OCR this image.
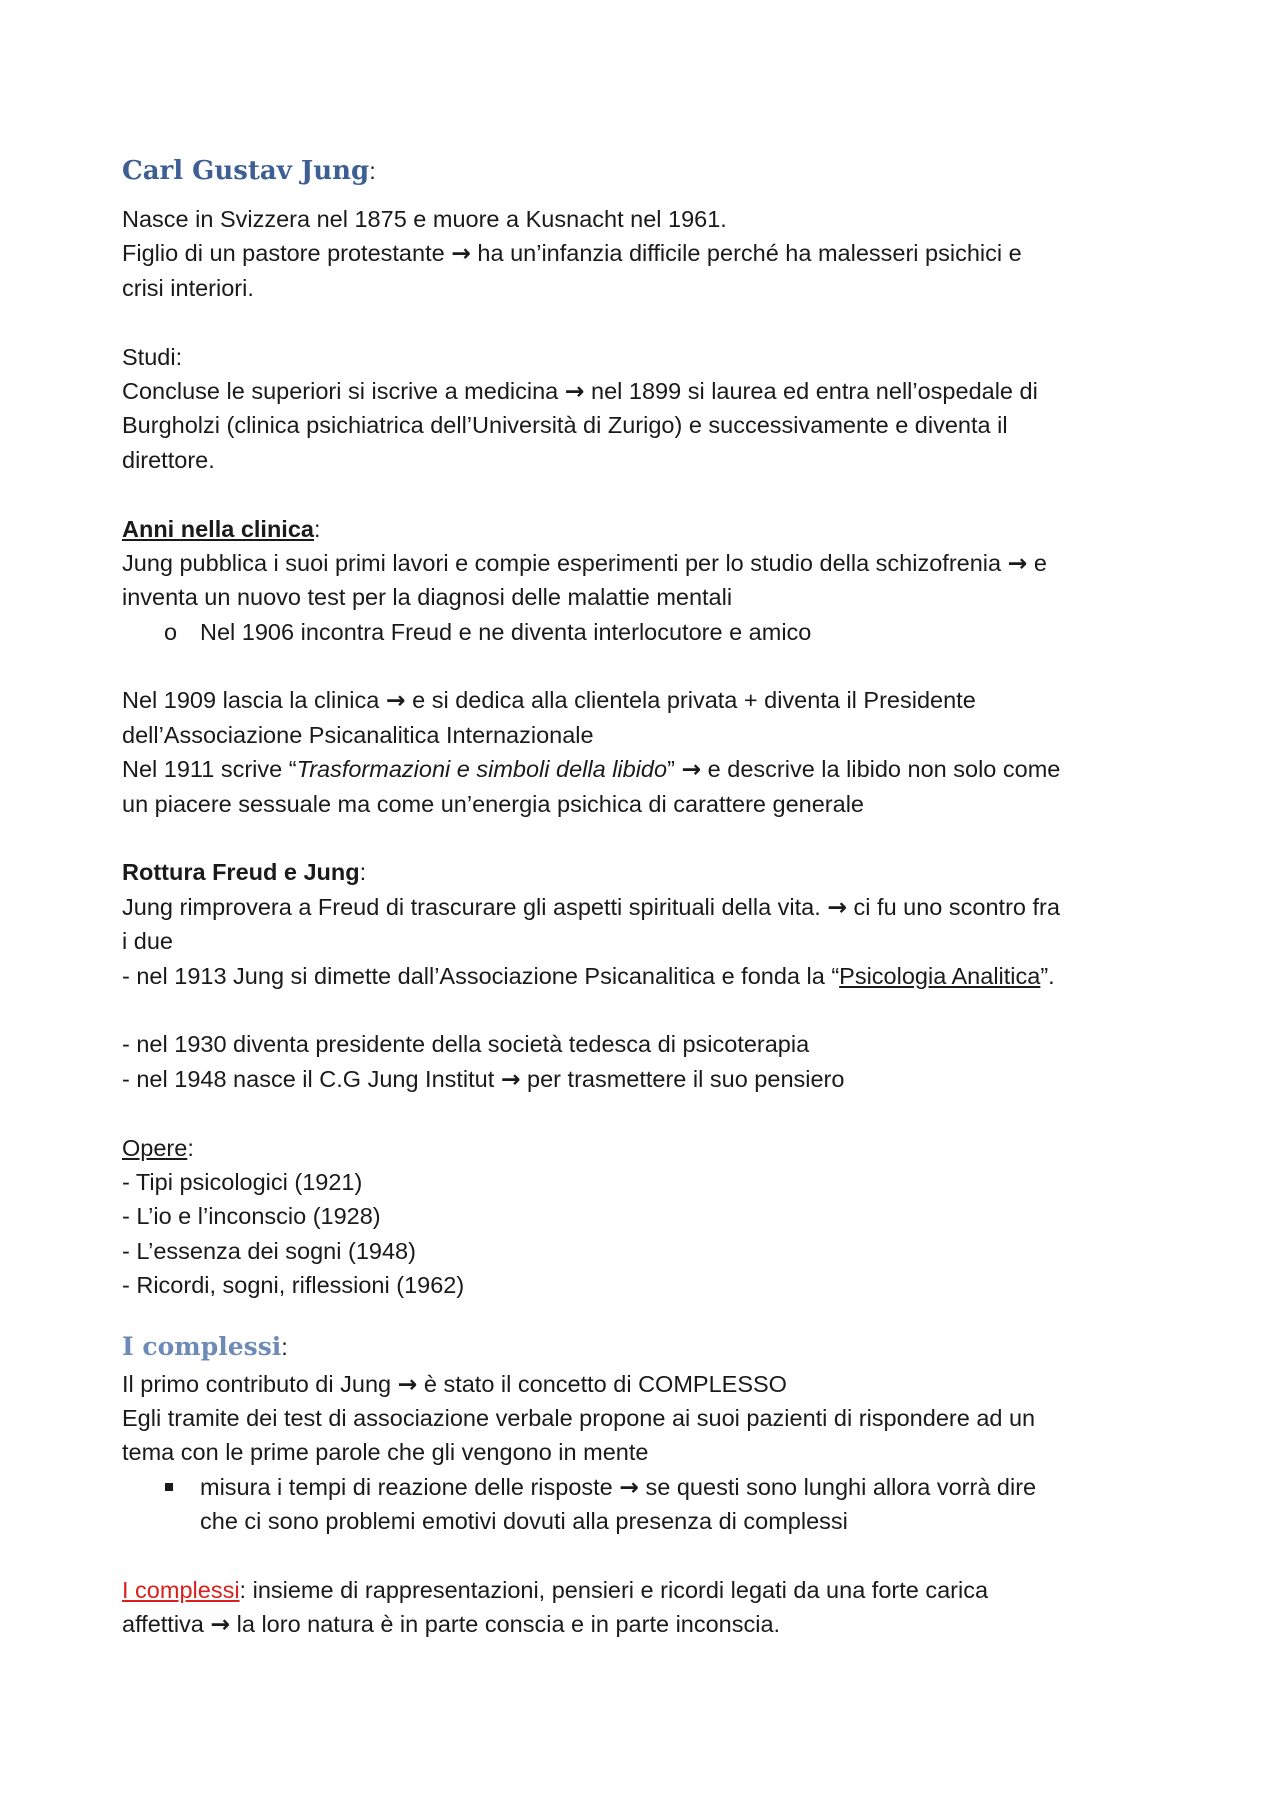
Carl Gustav Jung:
Nasce in Svizzera nel 1875 e muore a Kusnacht nel 1961.
Figlio di un pastore protestante → ha un’infanzia difficile perché ha malesseri psichici e
crisi interiori.
Studi:
Concluse le superiori si iscrive a medicina → nel 1899 si laurea ed entra nell’ospedale di
Burgholzi (clinica psichiatrica dell’Università di Zurigo) e successivamente e diventa il
direttore.
Anni nella clinica:
Jung pubblica i suoi primi lavori e compie esperimenti per lo studio della schizofrenia → e
inventa un nuovo test per la diagnosi delle malattie mentali
o Nel 1906 incontra Freud e ne diventa interlocutore e amico
Nel 1909 lascia la clinica → e si dedica alla clientela privata + diventa il Presidente
dell’Associazione Psicanalitica Internazionale
Nel 1911 scrive “Trasformazioni e simboli della libido” → e descrive la libido non solo come
un piacere sessuale ma come un’energia psichica di carattere generale
Rottura Freud e Jung:
Jung rimprovera a Freud di trascurare gli aspetti spirituali della vita. → ci fu uno scontro fra
i due
- nel 1913 Jung si dimette dall’Associazione Psicanalitica e fonda la “Psicologia Analitica”.
- nel 1930 diventa presidente della società tedesca di psicoterapia
- nel 1948 nasce il C.G Jung Institut → per trasmettere il suo pensiero
Opere:
- Tipi psicologici (1921)
- L’io e l’inconscio (1928)
- L’essenza dei sogni (1948)
- Ricordi, sogni, riflessioni (1962)
I complessi:
Il primo contributo di Jung → è stato il concetto di COMPLESSO
Egli tramite dei test di associazione verbale propone ai suoi pazienti di rispondere ad un
tema con le prime parole che gli vengono in mente
misura i tempi di reazione delle risposte → se questi sono lunghi allora vorrà dire
che ci sono problemi emotivi dovuti alla presenza di complessi
I complessi: insieme di rappresentazioni, pensieri e ricordi legati da una forte carica
affettiva → la loro natura è in parte conscia e in parte inconscia.
